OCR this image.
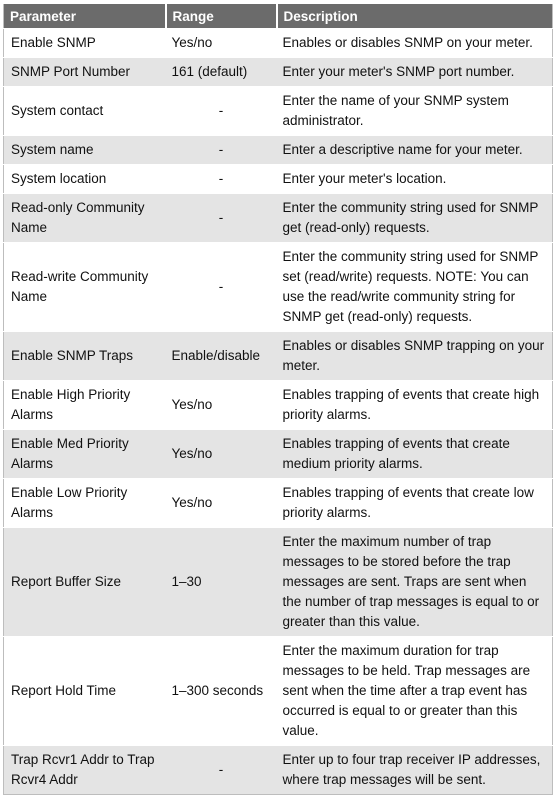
Parameter	Range	Description
Enable SNMP	Yes/no	Enables or disables SNMP on your meter.
SNMP Port Number	161 (default)	Enter your meter's SNMP port number.
System contact	-	Enter the name of your SNMP system administrator.
System name	-	Enter a descriptive name for your meter.
System location	-	Enter your meter's location.
Read-only Community Name	-	Enter the community string used for SNMP get (read-only) requests.
Read-write Community Name	-	Enter the community string used for SNMP set (read/write) requests. NOTE: You can use the read/write community string for SNMP get (read-only) requests.
Enable SNMP Traps	Enable/disable	Enables or disables SNMP trapping on your meter.
Enable High Priority Alarms	Yes/no	Enables trapping of events that create high priority alarms.
Enable Med Priority Alarms	Yes/no	Enables trapping of events that create medium priority alarms.
Enable Low Priority Alarms	Yes/no	Enables trapping of events that create low priority alarms.
Report Buffer Size	1–30	Enter the maximum number of trap messages to be stored before the trap messages are sent. Traps are sent when the number of trap messages is equal to or greater than this value.
Report Hold Time	1–300 seconds	Enter the maximum duration for trap messages to be held. Trap messages are sent when the time after a trap event has occurred is equal to or greater than this value.
Trap Rcvr1 Addr to Trap Rcvr4 Addr	-	Enter up to four trap receiver IP addresses, where trap messages will be sent.
